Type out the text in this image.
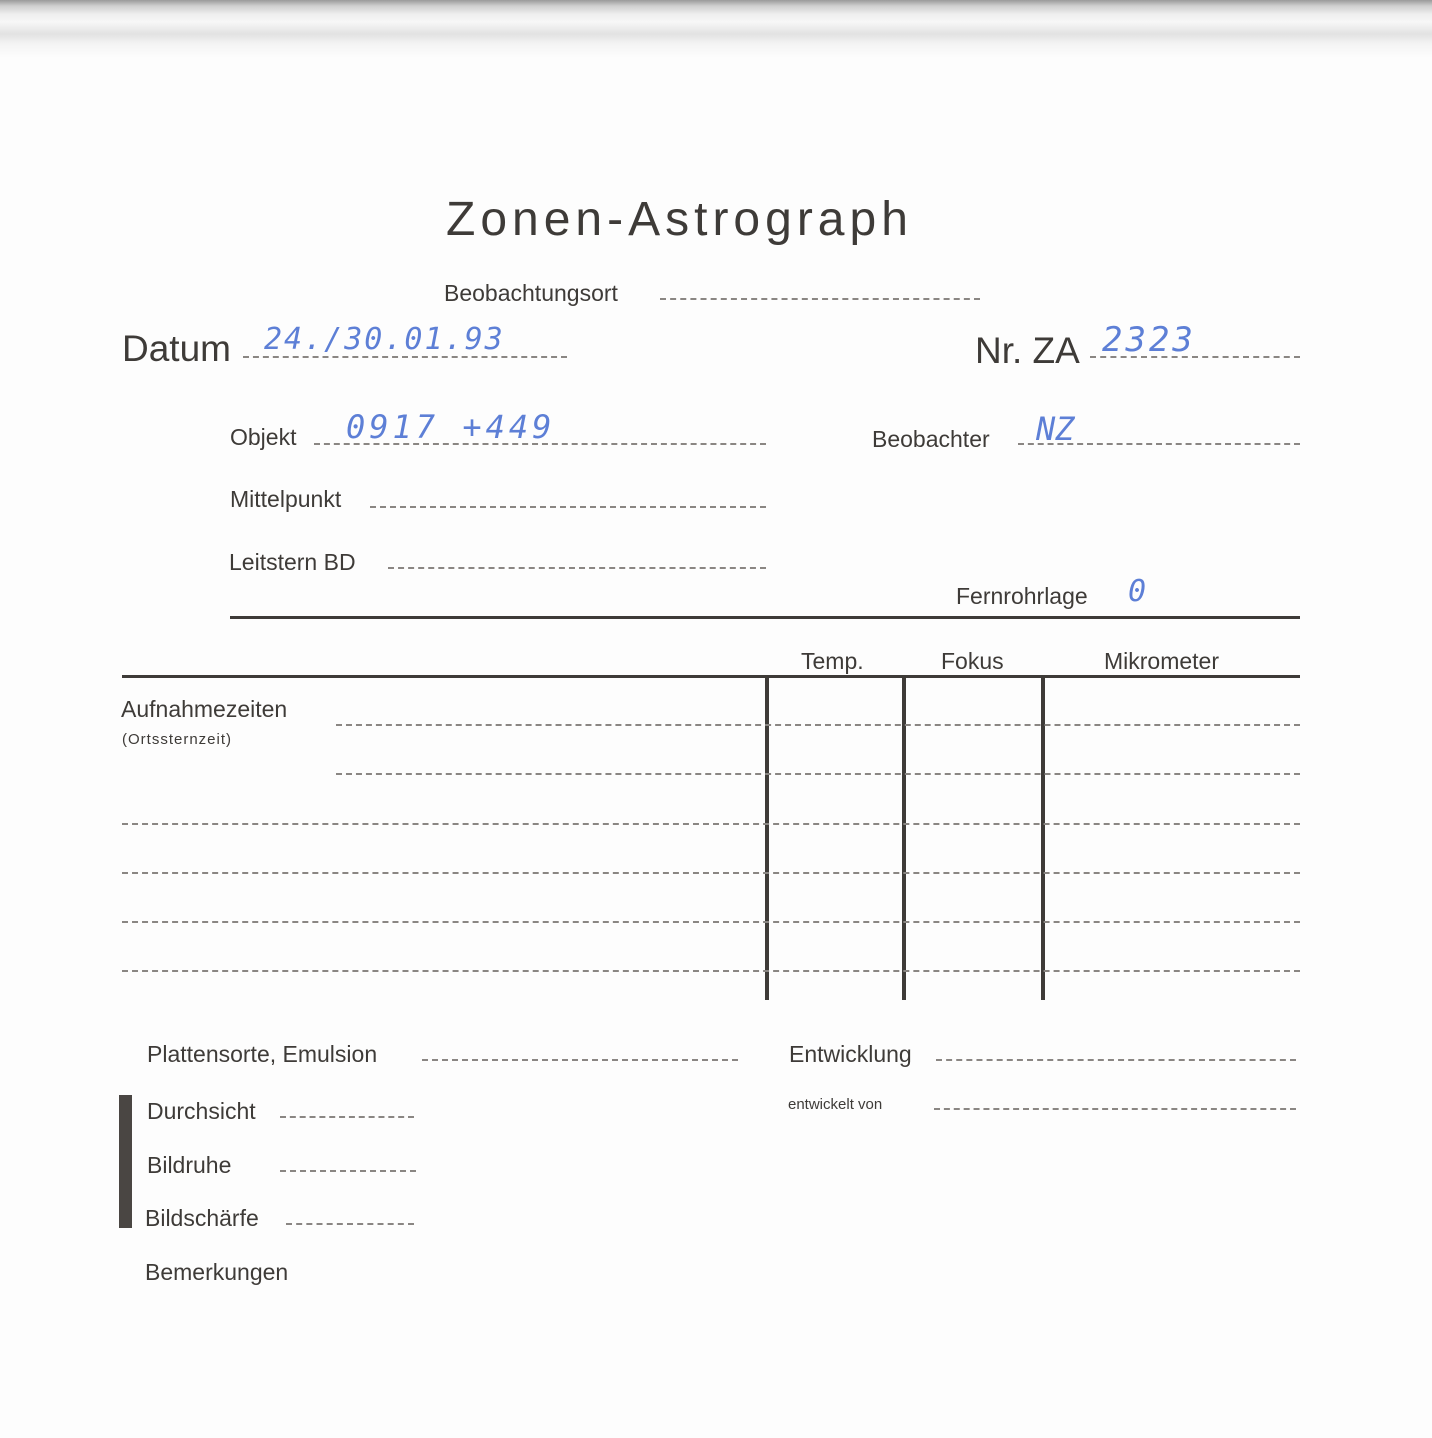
Zonen-Astrograph
Beobachtungsort
Datum 24./30.01.93	Nr. ZA 2323
Objekt 0917 +449	Beobachter NZ
Mittelpunkt
Leitstern BD
Fernrohrlage 0
Temp.	Fokus	Mikrometer
Aufnahmezeiten
(Ortssternzeit)
Plattensorte, Emulsion	Entwicklung
entwickelt von
Durchsicht
Bildruhe
Bildschärfe
Bemerkungen
